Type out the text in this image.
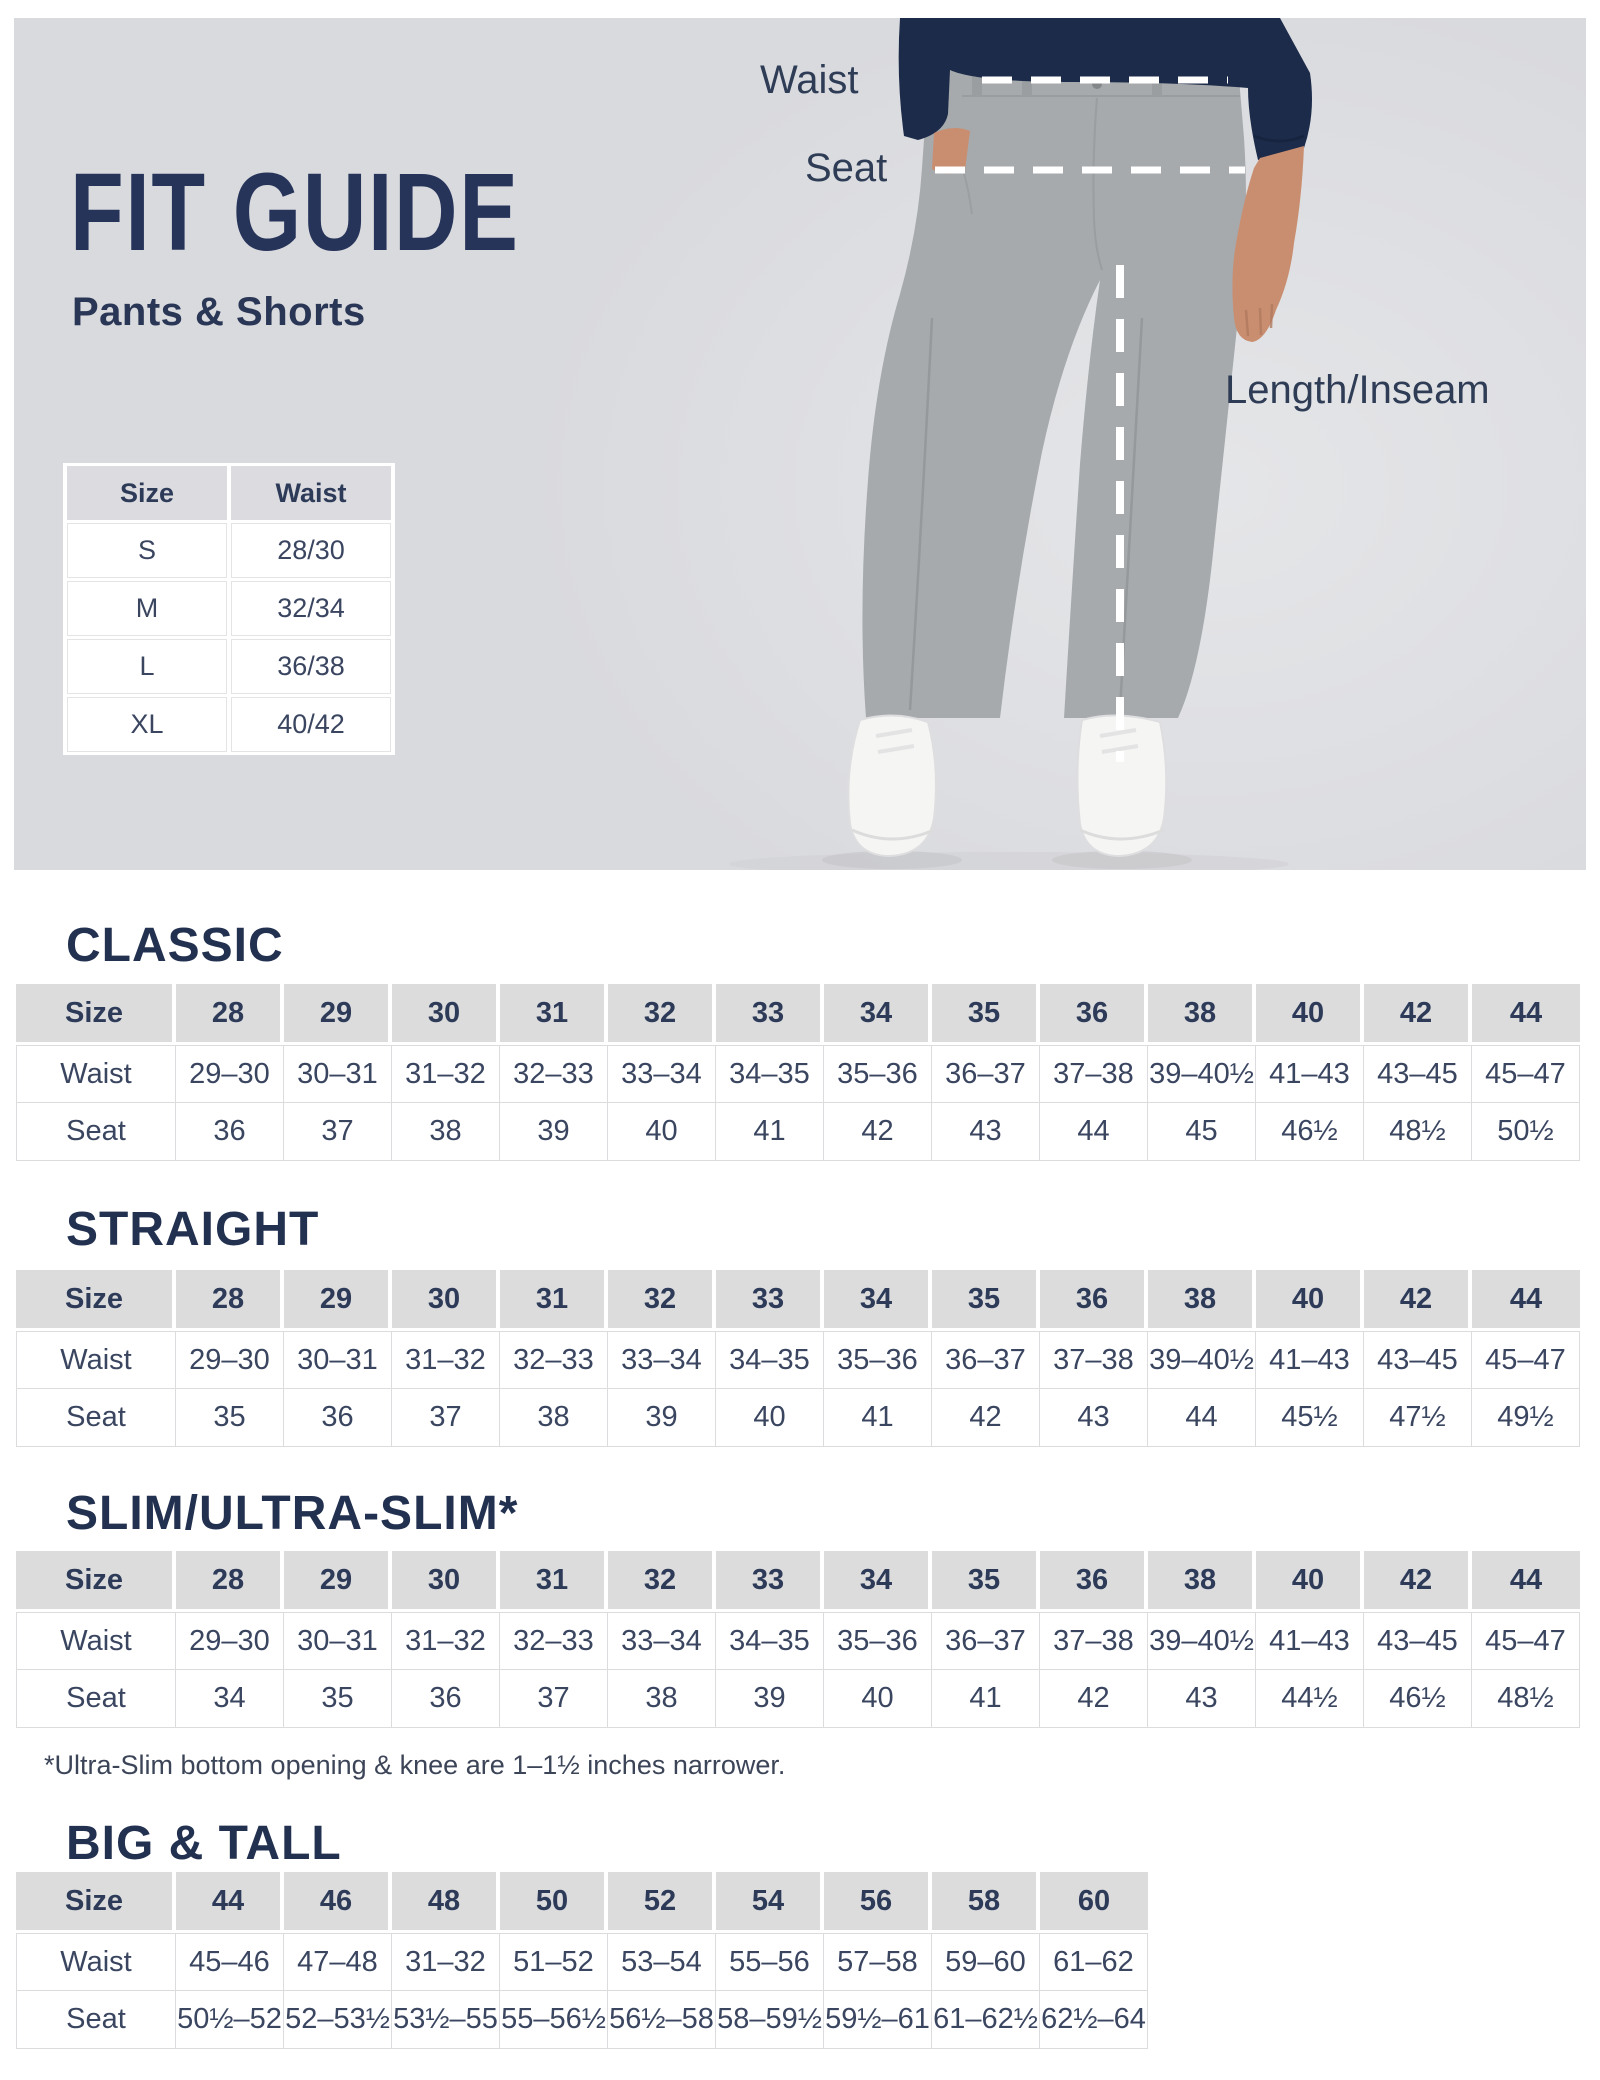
FIT GUIDE
Pants & Shorts
Waist
Seat
Length/Inseam
Size	Waist
S	28/30
M	32/34
L	36/38
XL	40/42
CLASSIC
Size	28	29	30	31	32	33	34	35	36	38	40	42	44
Waist	29–30 30–31 31–32 32–33 33–34 34–35 35–36 36–37 37–38 39–40½ 41–43 43–45 45–47
Seat	36	37	38	39	40	41	42	43	44	45	46½	48½	50½
STRAIGHT
Size	28	29	30	31	32	33	34	35	36	38	40	42	44
Waist	29–30 30–31 31–32 32–33 33–34 34–35 35–36 36–37 37–38 39–40½ 41–43 43–45 45–47
Seat	35	36	37	38	39	40	41	42	43	44	45½	47½	49½
SLIM/ULTRA-SLIM*
Size	28	29	30	31	32	33	34	35	36	38	40	42	44
Waist	29–30 30–31 31–32 32–33 33–34 34–35 35–36 36–37 37–38 39–40½ 41–43 43–45 45–47
Seat	34	35	36	37	38	39	40	41	42	43	44½	46½	48½

*Ultra-Slim bottom opening & knee are 1–1½ inches narrower.

BIG & TALL
Size	44	46	48	50	52	54	56	58	60
Waist	45–46 47–48 31–32 51–52 53–54 55–56 57–58 59–60 61–62
Seat	50½–52 52–53½ 53½–55 55–56½ 56½–58 58–59½ 59½–61 61–62½ 62½–64
